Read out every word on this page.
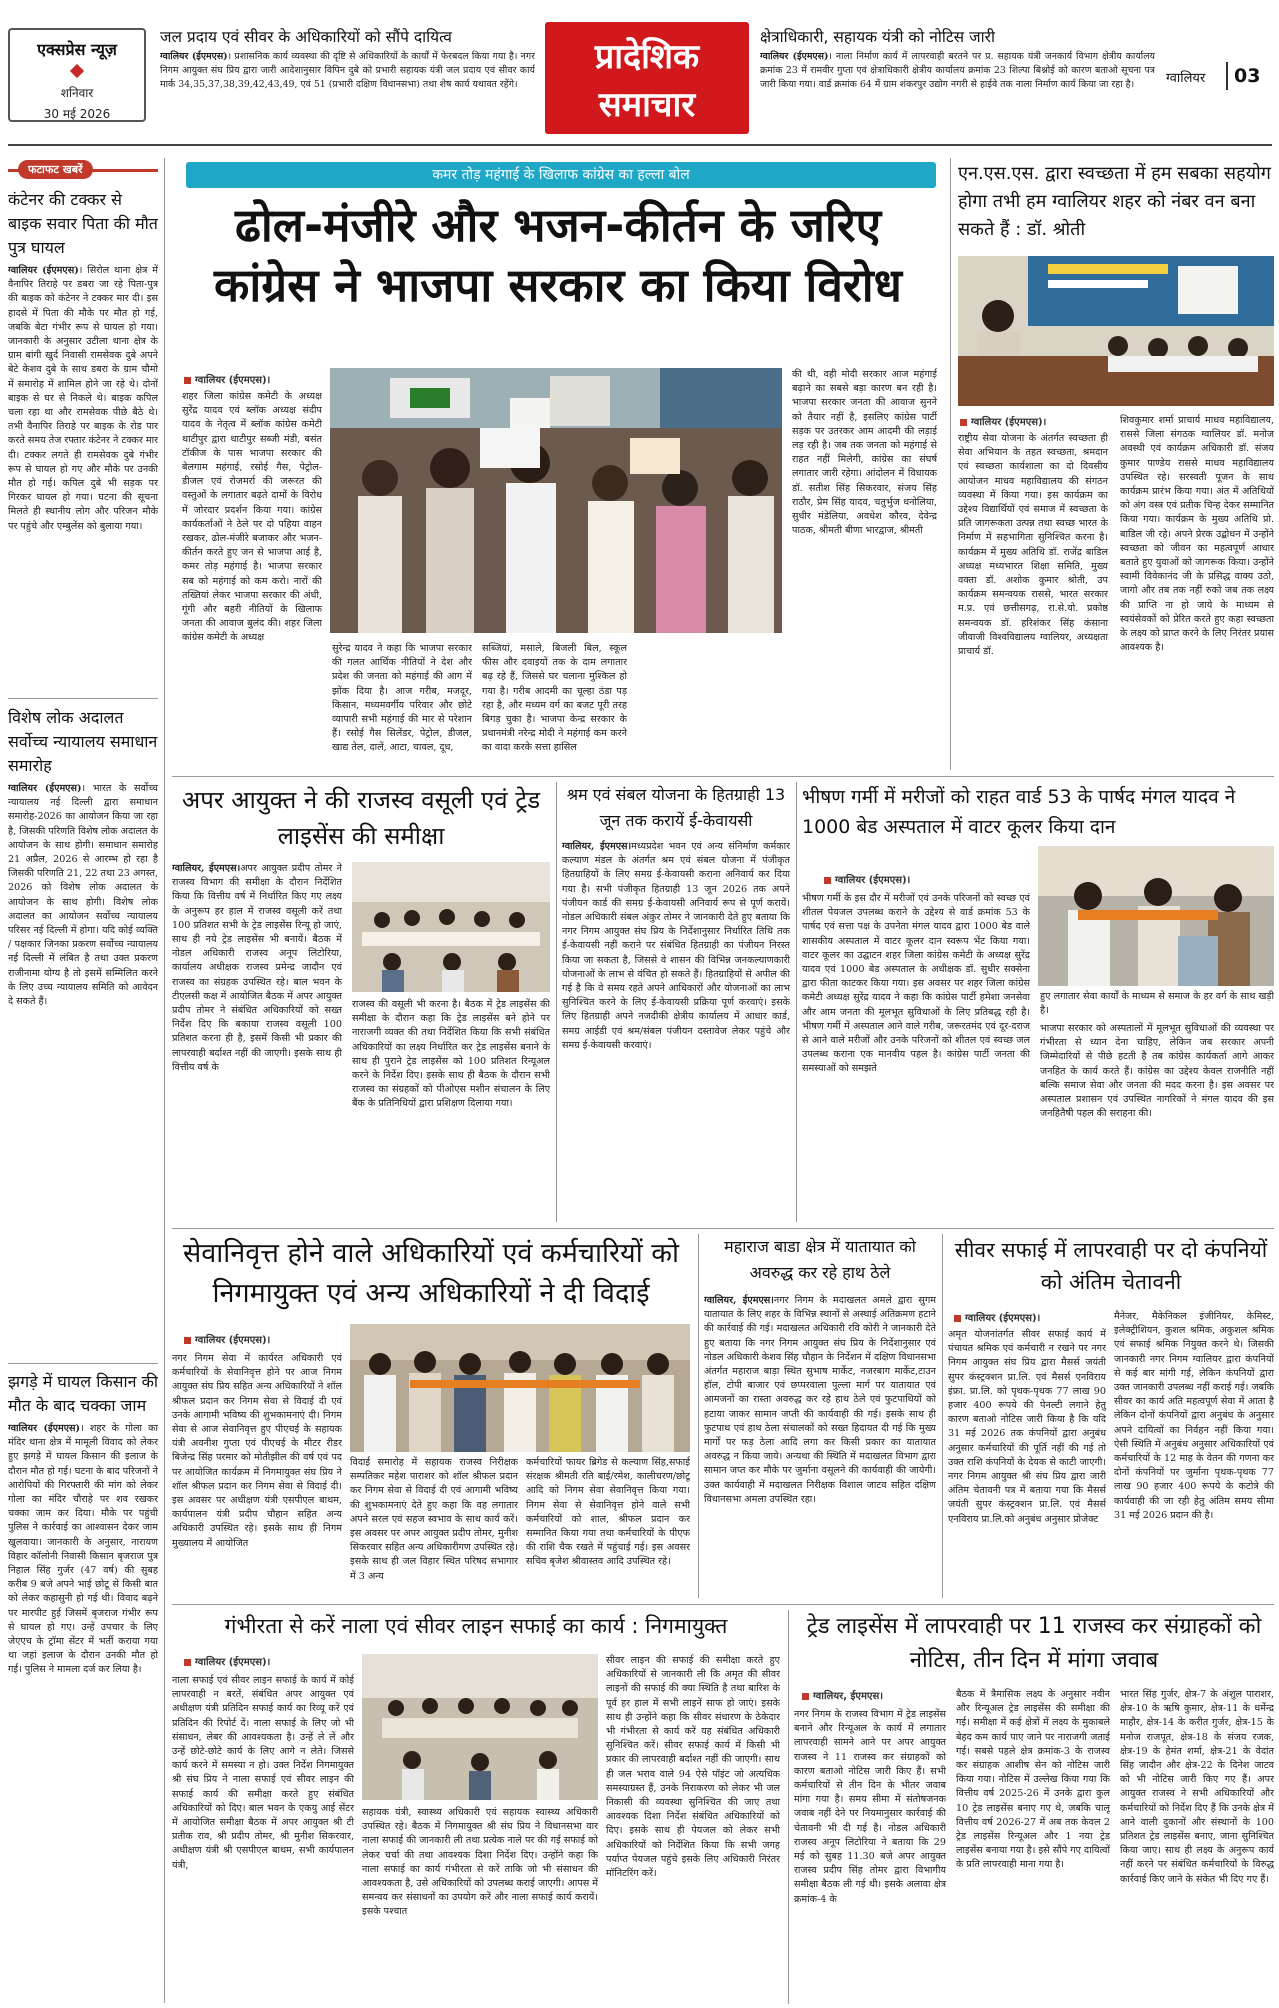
एक्सप्रेस न्यूज़
शनिवार
30 मई 2026
जल प्रदाय एवं सीवर के अधिकारियों को सौंपे दायित्व
ग्वालियर (ईएमएस)। प्रशासनिक कार्य व्यवस्था की दृष्टि से अधिकारियों के कार्यों में फेरबदल किया गया है। नगर निगम आयुक्त संघ प्रिय द्वारा जारी आदेशानुसार विपिन दुबे को प्रभारी सहायक यंत्री जल प्रदाय एवं सीवर कार्य मार्क 34,35,37,38,39,42,43,49, एवं 51 (प्रभारी दक्षिण विधानसभा) तथा शेष कार्य यथावत रहेंगे।
प्रादेशिक
समाचार
क्षेत्राधिकारी, सहायक यंत्री को नोटिस जारी
ग्वालियर (ईएमएस)। नाला निर्माण कार्य में लापरवाही बरतने पर प्र. सहायक यंत्री जनकार्य विभाग क्षेत्रीय कार्यालय क्रमांक 23 में रामवीर गुप्ता एवं क्षेत्राधिकारी क्षेत्रीय कार्यालय क्रमांक 23 शिल्पा बिश्नोई को कारण बताओ सूचना पत्र जारी किया गया। वार्ड क्रमांक 64 में ग्राम शंकरपुर उद्योग नगरी से हाईवे तक नाला निर्माण कार्य किया जा रहा है।	ग्वालियर 03
फटाफट खबरें
कंटेनर की टक्कर से बाइक सवार पिता की मौत पुत्र घायल
ग्वालियर (ईएमएस)। सिरोल थाना क्षेत्र में वैनापिर तिराहे पर डबरा जा रहे पिता-पुत्र की बाइक को कंटेनर ने टक्कर मार दी। इस हादसे में पिता की मौके पर मौत हो गई, जबकि बेटा गंभीर रूप से घायल हो गया। जानकारी के अनुसार उटीला थाना क्षेत्र के ग्राम बांगी खुर्द निवासी रामसेवक दुबे अपने बेटे केशव दुबे के साथ डबरा के ग्राम चौमो में समारोह में शामिल होने जा रहे थे। दोनों बाइक से घर से निकले थे। बाइक कपिल चला रहा था और रामसेवक पीछे बैठे थे। तभी वैनापिर तिराहे पर बाइक के रोड पार करते समय तेज रफ्तार कंटेनर ने टक्कर मार दी। टक्कर लगते ही रामसेवक दुबे गंभीर रूप से घायल हो गए और मौके पर उनकी मौत हो गई। कपिल दुबे भी सड़क पर गिरकर घायल हो गया। घटना की सूचना मिलते ही स्थानीय लोग और परिजन मौके पर पहुंचे और एम्बुलेंस को बुलाया गया।
विशेष लोक अदालत सर्वोच्च न्यायालय समाधान समारोह
ग्वालियर (ईएमएस)। भारत के सर्वोच्च न्यायालय नई दिल्ली द्वारा समाधान समारोह-2026 का आयोजन किया जा रहा है, जिसकी परिणति विशेष लोक अदालत के आयोजन के साथ होगी। समाधान समारोह 21 अप्रैल, 2026 से आरम्भ हो रहा है जिसकी परिणति 21, 22 तथा 23 अगस्त, 2026 को विशेष लोक अदालत के आयोजन के साथ होगी। विशेष लोक अदालत का आयोजन सर्वोच्च न्यायालय परिसर नई दिल्ली में होगा। यदि कोई व्यक्ति / पक्षकार जिनका प्रकरण सर्वोच्च न्यायालय नई दिल्ली में लंबित है तथा उक्त प्रकरण राजीनामा योग्य है तो इसमें सम्मिलित करने के लिए उच्च न्यायालय समिति को आवेदन दे सकते हैं।
झगड़े में घायल किसान की मौत के बाद चक्का जाम
ग्वालियर (ईएमएस)। शहर के गोला का मंदिर थाना क्षेत्र में मामूली विवाद को लेकर हुए झगड़े में घायल किसान की इलाज के दौरान मौत हो गई। घटना के बाद परिजनों ने आरोपियों की गिरफ्तारी की मांग को लेकर गोला का मंदिर चौराहे पर शव रखकर चक्का जाम कर दिया। मौके पर पहुंची पुलिस ने कार्रवाई का आश्वासन देकर जाम खुलवाया। जानकारी के अनुसार, नारायण विहार कॉलोनी निवासी किसान बृजराज पुत्र निहाल सिंह गुर्जर (47 वर्ष) की सुबह करीब 9 बजे अपने भाई छोटू से किसी बात को लेकर कहासुनी हो गई थी। विवाद बढ़ने पर मारपीट हुई जिसमें बृजराज गंभीर रूप से घायल हो गए। उन्हें उपचार के लिए जेएएच के ट्रॉमा सेंटर में भर्ती कराया गया था जहां इलाज के दौरान उनकी मौत हो गई। पुलिस ने मामला दर्ज कर लिया है।
कमर तोड़ महंगाई के खिलाफ कांग्रेस का हल्ला बोल
ढोल-मंजीरे और भजन-कीर्तन के जरिए
कांग्रेस ने भाजपा सरकार का किया विरोध
ग्वालियर (ईएमएस)।
शहर जिला कांग्रेस कमेटी के अध्यक्ष सुरेंद्र यादव एवं ब्लॉक अध्यक्ष संदीप यादव के नेतृत्व में ब्लॉक कांग्रेस कमेटी थाटीपुर द्वारा थाटीपुर सब्जी मंडी, बसंत टॉकीज के पास भाजपा सरकार की बेलगाम महंगाई, रसोई गैस, पेट्रोल-डीजल एवं रोजमर्रा की जरूरत की वस्तुओं के लगातार बढ़ते दामों के विरोध में जोरदार प्रदर्शन किया गया। कांग्रेस कार्यकर्ताओं ने ठेले पर दो पहिया वाहन रखकर, ढोल-मंजीरे बजाकर और भजन-कीर्तन करते हुए जन से भाजपा आई है, कमर तोड़ महंगाई है। भाजपा सरकार सब को महंगाई को कम करो। नारों की तख्तियां लेकर भाजपा सरकार की अंधी, गूंगी और बहरी नीतियों के खिलाफ जनता की आवाज बुलंद की। शहर जिला कांग्रेस कमेटी के अध्यक्ष
सुरेन्द्र यादव ने कहा कि भाजपा सरकार की गलत आर्थिक नीतियों ने देश और प्रदेश की जनता को महंगाई की आग में झोंक दिया है। आज गरीब, मजदूर, किसान, मध्यमवर्गीय परिवार और छोटे व्यापारी सभी महंगाई की मार से परेशान हैं। रसोई गैस सिलेंडर, पेट्रोल, डीजल, खाद्य तेल, दालें, आटा, चावल, दूध,
सब्जियां, मसाले, बिजली बिल, स्कूल फीस और दवाइयों तक के दाम लगातार बढ़ रहे हैं, जिससे घर चलाना मुश्किल हो गया है। गरीब आदमी का चूल्हा ठंडा पड़ रहा है, और मध्यम वर्ग का बजट पूरी तरह बिगड़ चुका है। भाजपा केन्द्र सरकार के प्रधानमंत्री नरेन्द्र मोदी ने महंगाई कम करने का वादा करके सत्ता हासिल
की थी, वही मोदी सरकार आज महंगाई बढ़ाने का सबसे बड़ा कारण बन रही है। भाजपा सरकार जनता की आवाज सुनने को तैयार नहीं है, इसलिए कांग्रेस पार्टी सड़क पर उतरकर आम आदमी की लड़ाई लड़ रही है। जब तक जनता को महंगाई से राहत नहीं मिलेगी, कांग्रेस का संघर्ष लगातार जारी रहेगा। आंदोलन में विधायक डॉ. सतीश सिंह सिकरवार, संजय सिंह राठौर, प्रेम सिंह यादव, चतुर्भुज धनोलिया, सुधीर मंडेलिया, अवधेश कौरव, देवेन्द्र पाठक, श्रीमती बीणा भारद्वाज, श्रीमती
एन.एस.एस. द्वारा स्वच्छता में हम सबका सहयोग होगा तभी हम ग्वालियर शहर को नंबर वन बना सकते हैं : डॉ. श्रोती
ग्वालियर (ईएमएस)।
राष्ट्रीय सेवा योजना के अंतर्गत स्वच्छता ही सेवा अभियान के तहत स्वच्छता, श्रमदान एवं स्वच्छता कार्यशाला का दो दिवसीय आयोजन माधव महाविद्यालय की संगठन व्यवस्था में किया गया। इस कार्यक्रम का उद्देश्य विद्यार्थियों एवं समाज में स्वच्छता के प्रति जागरूकता उत्पन्न तथा स्वच्छ भारत के निर्माण में सहभागिता सुनिश्चित करना है। कार्यक्रम में मुख्य अतिथि डॉ. राजेंद्र बाडिल अध्यक्ष मध्यभारत शिक्षा समिति, मुख्य वक्ता डॉ. अशोक कुमार श्रोती, उप कार्यक्रम समन्वयक राससे, भारत सरकार म.प्र. एवं छत्तीसगढ़, रा.से.यो. प्रकोष्ठ समन्वयक डॉ. हरिशंकर सिंह कंसाना जीवाजी विश्वविद्यालय ग्वालियर, अध्यक्षता प्राचार्य डॉ.
शिवकुमार शर्मा प्राचार्य माधव महाविद्यालय, राससे जिला संगठक ग्वालियर डॉ. मनोज अवस्थी एवं कार्यक्रम अधिकारी डॉ. संजय कुमार पाण्डेय राससे माधव महाविद्यालय उपस्थित रहे। सरस्वती पूजन के साथ कार्यक्रम प्रारंभ किया गया। अंत में अतिथियों को अंग वस्त्र एवं प्रतीक चिन्ह देकर सम्मानित किया गया। कार्यक्रम के मुख्य अतिथि प्रो. बाडिल जी रहे। अपने प्रेरक उद्बोधन में उन्होंने स्वच्छता को जीवन का महत्वपूर्ण आधार बताते हुए युवाओं को जागरूक किया। उन्होंने स्वामी विवेकानंद जी के प्रसिद्ध वाक्य उठो, जागो और तब तक नहीं रुको जब तक लक्ष्य की प्राप्ति ना हो जाये के माध्यम से स्वयंसेवकों को प्रेरित करते हुए कहा स्वच्छता के लक्ष्य को प्राप्त करने के लिए निरंतर प्रयास आवश्यक है।
अपर आयुक्त ने की राजस्व वसूली एवं ट्रेड लाइसेंस की समीक्षा
ग्वालियर, ईएमएस।अपर आयुक्त प्रदीप तोमर ने राजस्व विभाग की समीक्षा के दौरान निर्देशित किया कि वित्तीय वर्ष में निर्धारित किए गए लक्ष्य के अनुरूप हर हाल में राजस्व वसूली करें तथा 100 प्रतिशत सभी के ट्रेड लाइसेंस रिन्यू हो जाएं, साथ ही नये ट्रेड लाइसेंस भी बनायें। बैठक में नोडल अधिकारी राजस्व अनूप लिटोरिया, कार्यालय अधीक्षक राजस्व प्रमेन्द्र जादौन एवं राजस्व का संग्रहक उपस्थित रहे। बाल भवन के टीएलसी कक्ष में आयोजित बैठक में अपर आयुक्त प्रदीप तोमर ने संबंधित अधिकारियों को सख्त निर्देश दिए कि बकाया राजस्व वसूली 100 प्रतिशत करना ही है, इसमें किसी भी प्रकार की लापरवाही बर्दाश्त नहीं की जाएगी। इसके साथ ही वित्तीय वर्ष के
राजस्व की वसूली भी करना है। बैठक में ट्रेड लाइसेंस की समीक्षा के दौरान कहा कि ट्रेड लाइसेंस बने होने पर नाराजगी व्यक्त की तथा निर्देशित किया कि सभी संबंधित अधिकारियों का लक्ष्य निर्धारित कर ट्रेड लाइसेंस बनाने के साथ ही पुराने ट्रेड लाइसेंस को 100 प्रतिशत रिन्यूअल करने के निर्देश दिए। इसके साथ ही बैठक के दौरान सभी राजस्व का संग्रहकों को पीओएस मशीन संचालन के लिए बैंक के प्रतिनिधियों द्वारा प्रशिक्षण दिलाया गया।
श्रम एवं संबल योजना के हितग्राही 13 जून तक करायें ई-केवायसी
ग्वालियर, ईएमएस।मध्यप्रदेश भवन एवं अन्य संनिर्माण कर्मकार कल्याण मंडल के अंतर्गत श्रम एवं संबल योजना में पंजीकृत हितग्राहियों के लिए समग्र ई-केवायसी कराना अनिवार्य कर दिया गया है। सभी पंजीकृत हितग्राही 13 जून 2026 तक अपने पंजीयन कार्ड की समग्र ई-केवायसी अनिवार्य रूप से पूर्ण करायें। नोडल अधिकारी संबल अंकुर तोमर ने जानकारी देते हुए बताया कि नगर निगम आयुक्त संघ प्रिय के निर्देशानुसार निर्धारित तिथि तक ई-केवायसी नहीं कराने पर संबंधित हितग्राही का पंजीयन निरस्त किया जा सकता है, जिससे वे शासन की विभिन्न जनकल्याणकारी योजनाओं के लाभ से वंचित हो सकते हैं। हितग्राहियों से अपील की गई है कि वे समय रहते अपने आधिकारों और योजनाओं का लाभ सुनिश्चित करने के लिए ई-केवायसी प्रक्रिया पूर्ण करवाएं। इसके लिए हितग्राही अपने नजदीकी क्षेत्रीय कार्यालय में आधार कार्ड, समग्र आईडी एवं श्रम/संबल पंजीयन दस्तावेज लेकर पहुंचे और समग्र ई-केवायसी करवाएं।
भीषण गर्मी में मरीजों को राहत वार्ड 53 के पार्षद मंगल यादव ने 1000 बेड अस्पताल में वाटर कूलर किया दान
ग्वालियर (ईएमएस)।
भीषण गर्मी के इस दौर में मरीजों एवं उनके परिजनों को स्वच्छ एवं शीतल पेयजल उपलब्ध कराने के उद्देश्य से वार्ड क्रमांक 53 के पार्षद एवं सत्ता पक्ष के उपनेता मंगल यादव द्वारा 1000 बेड वाले शासकीय अस्पताल में वाटर कूलर दान स्वरूप भेंट किया गया। वाटर कूलर का उद्घाटन शहर जिला कांग्रेस कमेटी के अध्यक्ष सुरेंद्र यादव एवं 1000 बेड अस्पताल के अधीक्षक डॉ. सुधीर सक्सेना द्वारा फीता काटकर किया गया। इस अवसर पर शहर जिला कांग्रेस कमेटी अध्यक्ष सुरेंद्र यादव ने कहा कि कांग्रेस पार्टी हमेशा जनसेवा और आम जनता की मूलभूत सुविधाओं के लिए प्रतिबद्ध रही है। भीषण गर्मी में अस्पताल आने वाले गरीब, जरूरतमंद एवं दूर-दराज से आने वाले मरीजों और उनके परिजनों को शीतल एवं स्वच्छ जल उपलब्ध कराना एक मानवीय पहल है। कांग्रेस पार्टी जनता की समस्याओं को समझते
हुए लगातार सेवा कार्यों के माध्यम से समाज के हर वर्ग के साथ खड़ी है।
भाजपा सरकार को अस्पतालों में मूलभूत सुविधाओं की व्यवस्था पर गंभीरता से ध्यान देना चाहिए, लेकिन जब सरकार अपनी जिम्मेदारियों से पीछे हटती है तब कांग्रेस कार्यकर्ता आगे आकर जनहित के कार्य करते हैं। कांग्रेस का उद्देश्य केवल राजनीति नहीं बल्कि समाज सेवा और जनता की मदद करना है। इस अवसर पर अस्पताल प्रशासन एवं उपस्थित नागरिकों ने मंगल यादव की इस जनहितैषी पहल की सराहना की।
सेवानिवृत्त होने वाले अधिकारियों एवं कर्मचारियों को निगमायुक्त एवं अन्य अधिकारियों ने दी विदाई
ग्वालियर (ईएमएस)।
नगर निगम सेवा में कार्यरत अधिकारी एवं कर्मचारियों के सेवानिवृत्त होने पर आज निगम आयुक्त संघ प्रिय सहित अन्य अधिकारियों ने शॉल श्रीफल प्रदान कर निगम सेवा से विदाई दी एवं उनके आगामी भविष्य की शुभकामनाएं दी। निगम सेवा से आज सेवानिवृत्त हुए पीएचई के सहायक यंत्री अवनीश गुप्ता एवं पीएचई के मीटर रीडर बिजेन्द्र सिंह परमार को मोतीझील की वर्ष एवं पद पर आयोजित कार्यक्रम में निगमायुक्त संघ प्रिय ने शॉल श्रीफल प्रदान कर निगम सेवा से विदाई दी। इस अवसर पर अधीक्षण यंत्री एसपीएल बाथम, कार्यपालन यंत्री प्रदीप चौहान सहित अन्य अधिकारी उपस्थित रहे। इसके साथ ही निगम मुख्यालय में आयोजित
विदाई समारोह में सहायक राजस्व निरीक्षक सम्पतिकर महेश पाराशर को शॉल श्रीफल प्रदान कर निगम सेवा से विदाई दी एवं आगामी भविष्य की शुभकामनाएं देते हुए कहा कि वह लगातार अपने सरल एवं सहज स्वभाव के साथ कार्य करें। इस अवसर पर अपर आयुक्त प्रदीप तोमर, मुनीश सिकरवार सहित अन्य अधिकारीगण उपस्थित रहे। इसके साथ ही जल विहार स्थित परिषद सभागार में 3 अन्य
कर्मचारियों फायर ब्रिगेड से कल्याण सिंह,सफाई संरक्षक श्रीमती रति बाई/रमेश, कालीचरण/छोटू आदि को निगम सेवा सेवानिवृत्त किया गया। निगम सेवा से सेवानिवृत्त होने वाले सभी कर्मचारियों को शाल, श्रीफल प्रदान कर सम्मानित किया गया तथा कर्मचारियों के पीएफ की राशि चैक रखते में पहुंचाई गई। इस अवसर सचिव बृजेश श्रीवास्तव आदि उपस्थित रहे।
महाराज बाडा क्षेत्र में यातायात को अवरुद्ध कर रहे हाथ ठेले
ग्वालियर, ईएमएस।नगर निगम के मदाखलत अमले द्वारा सुगम यातायात के लिए शहर के विभिन्न स्थानों से अस्थाई अतिक्रमण हटाने की कार्रवाई की गई। मदाखलत अधिकारी रवि कोरी ने जानकारी देते हुए बताया कि नगर निगम आयुक्त संघ प्रिय के निर्देशानुसार एवं नोडल अधिकारी केशव सिंह चौहान के निर्देशन में दक्षिण विधानसभा अंतर्गत महाराज बाड़ा स्थित सुभाष मार्केट, नजरबाग मार्केट,टाउन हॉल, टोपी बाजार एवं छप्परवाला पुल्ला मार्ग पर यातायात एवं आमजनों का रास्ता अवरुद्ध कर रहे हाथ ठेले एवं फुटपाथियों को हटाया जाकर सामान जप्ती की कार्यवाही की गई। इसके साथ ही फुटपाथ एवं हाथ ठेला संचालकों को सख्त हिदायत दी गई कि मुख्य मार्गों पर फड़ ठेला आदि लगा कर किसी प्रकार का यातायात अवरुद्ध न किया जाये। अन्यथा की स्थिति में मदाखलत विभाग द्वारा सामान जप्त कर मौके पर जुर्माना वसूलने की कार्यवाही की जायेगी। उक्त कार्यवाही में मदाखलत निरीक्षक विशाल जाटव सहित दक्षिण विधानसभा अमला उपस्थित रहा।
सीवर सफाई में लापरवाही पर दो कंपनियों को अंतिम चेतावनी
ग्वालियर (ईएमएस)।
अमृत योजनांतर्गत सीवर सफाई कार्य में पंचायत श्रमिक एवं कर्मचारी न रखने पर नगर निगम आयुक्त संघ प्रिय द्वारा मैसर्स जयंती सुपर कंस्ट्रक्शन प्रा.लि. एवं मैसर्स एनविराय इंफ्रा. प्रा.लि. को पृथक-पृथक 77 लाख 90 हजार 400 रूपये की पेनल्टी लगाने हेतु कारण बताओ नोटिस जारी किया है कि यदि 31 मई 2026 तक कंपनियों द्वारा अनुबंध अनुसार कर्मचारियों की पूर्ति नहीं की गई तो उक्त राशि कंपनियों के देयक से काटी जाएगी। नगर निगम आयुक्त श्री संघ प्रिय द्वारा जारी अंतिम चेतावनी पत्र में बताया गया कि मैसर्स जयंती सुपर कंस्ट्रक्शन प्रा.लि. एवं मैसर्स एनविराय प्रा.लि.को अनुबंध अनुसार प्रोजेक्ट
मैनेजर, मैकेनिकल इंजीनियर, केमिस्ट, इलेक्ट्रीशियन, कुशल श्रमिक, अकुशल श्रमिक एवं सफाई श्रमिक नियुक्त करने थे। जिसकी जानकारी नगर निगम ग्वालियर द्वारा कंपनियों से कई बार मांगी गई, लेकिन कंपनियों द्वारा उक्त जानकारी उपलब्ध नहीं कराई गई। जबकि सीवर का कार्य अति महत्वपूर्ण सेवा में आता है लेकिन दोनों कंपनियों द्वारा अनुबंध के अनुसार अपने दायित्वों का निर्वहन नहीं किया गया। ऐसी स्थिति में अनुबंध अनुसार अधिकारियों एवं कर्मचारियों के 12 माह के वेतन की गणना कर दोनों कंपनियों पर जुर्माना पृथक-पृथक 77 लाख 90 हजार 400 रूपये के कटोत्रे की कार्यवाही की जा रही हेतु अंतिम समय सीमा 31 मई 2026 प्रदान की है।
गंभीरता से करें नाला एवं सीवर लाइन सफाई का कार्य : निगमायुक्त
ग्वालियर (ईएमएस)।
नाला सफाई एवं सीवर लाइन सफाई के कार्य में कोई लापरवाही न बरतें, संबंधित अपर आयुक्त एवं अधीक्षण यंत्री प्रतिदिन सफाई कार्य का रिव्यू करें एवं प्रतिदिन की रिपोर्ट दें। नाला सफाई के लिए जो भी संसाधन, लेबर की आवश्यकता है। उन्हें ले लें और उन्हें छोटे-छोटे कार्य के लिए आगे न लेते। जिससे कार्य करने में समस्या न हो। उक्त निर्देश निगमायुक्त श्री संघ प्रिय ने नाला सफाई एवं सीवर लाइन की सफाई कार्य की समीक्षा करते हुए संबंधित अधिकारियों को दिए। बाल भवन के एकयु आई सेंटर में आयोजित समीक्षा बैठक में अपर आयुक्त श्री टी प्रतीक राव, श्री प्रदीप तोमर, श्री मुनीश सिकरवार, अधीक्षण यंत्री श्री एसपीएल बाथम, सभी कार्यपालन यंत्री,
सहायक यंत्री, स्वास्थ्य अधिकारी एवं सहायक स्वास्थ्य अधिकारी उपस्थित रहे। बैठक में निगमायुक्त श्री संघ प्रिय ने विधानसभा वार नाला सफाई की जानकारी ली तथा प्रत्येक नाले पर की गई सफाई को लेकर चर्चा की तथा आवश्यक दिशा निर्देश दिए। उन्होंने कहा कि नाला सफाई का कार्य गंभीरता से करें ताकि जो भी संसाधन की आवश्यकता है, उसे अधिकारियों को उपलब्ध कराई जाएगी। आपस में समन्वय कर संसाधनों का उपयोग करें और नाला सफाई कार्य करायें। इसके पश्चात
सीवर लाइन की सफाई की समीक्षा करते हुए अधिकारियों से जानकारी ली कि अमृत की सीवर लाइनों की सफाई की क्या स्थिति है तथा बारिश के पूर्व हर हाल में सभी लाइनें साफ हो जाएं। इसके साथ ही उन्होंने कहा कि सीवर संधारण के ठेकेदार भी गंभीरता से कार्य करें यह संबंधित अधिकारी सुनिश्चित करें। सीवर सफाई कार्य में किसी भी प्रकार की लापरवाही बर्दाश्त नहीं की जाएगी। साथ ही जल भराव वाले 94 ऐसे पॉइंट जो अत्यधिक समस्याग्रस्त हैं, उनके निराकरण को लेकर भी जल निकासी की व्यवस्था सुनिश्चित की जाए तथा आवश्यक दिशा निर्देश संबंधित अधिकारियों को दिए। इसके साथ ही पेयजल को लेकर सभी अधिकारियों को निर्देशित किया कि सभी जगह पर्याप्त पेयजल पहुंचे इसके लिए अधिकारी निरंतर मॉनिटरिंग करें।
ट्रेड लाइसेंस में लापरवाही पर 11 राजस्व कर संग्राहकों को नोटिस, तीन दिन में मांगा जवाब
ग्वालियर, ईएमएस।
नगर निगम के राजस्व विभाग में ट्रेड लाइसेंस बनाने और रिन्यूअल के कार्य में लगातार लापरवाही सामने आने पर अपर आयुक्त राजस्व ने 11 राजस्व कर संग्राहकों को कारण बताओ नोटिस जारी किए हैं। सभी कर्मचारियों से तीन दिन के भीतर जवाब मांगा गया है। समय सीमा में संतोषजनक जवाब नहीं देने पर नियमानुसार कार्रवाई की चेतावनी भी दी गई है। नोडल अधिकारी राजस्व अनूप लिटोरिया ने बताया कि 29 मई को सुबह 11.30 बजे अपर आयुक्त राजस्व प्रदीप सिंह तोमर द्वारा विभागीय समीक्षा बैठक ली गई थी। इसके अलावा क्षेत्र क्रमांक-4 के
बैठक में त्रैमासिक लक्ष्य के अनुसार नवीन और रिन्यूअल ट्रेड लाइसेंस की समीक्षा की गई। समीक्षा में कई क्षेत्रों में लक्ष्य के मुकाबले बेहद कम कार्य पाए जाने पर नाराजगी जताई गई। सबसे पहले क्षेत्र क्रमांक-3 के राजस्व कर संग्राहक आशीष सेन को नोटिस जारी किया गया। नोटिस में उल्लेख किया गया कि वित्तीय वर्ष 2025-26 में उनके द्वारा कुल 10 ट्रेड लाइसेंस बनाए गए थे, जबकि चालू वित्तीय वर्ष 2026-27 में अब तक केवल 2 ट्रेड लाइसेंस रिन्यूअल और 1 नया ट्रेड लाइसेंस बनाया गया है। इसे सौंपे गए दायित्वों के प्रति लापरवाही माना गया है।
भारत सिंह गुर्जर, क्षेत्र-7 के अंशुल पाराशर, क्षेत्र-10 के ऋषि कुमार, क्षेत्र-11 के धर्मेन्द्र माहौर, क्षेत्र-14 के करीत गुर्जर, क्षेत्र-15 के मनोज राजपूत, क्षेत्र-18 के संजय रजक, क्षेत्र-19 के हेमंत शर्मा, क्षेत्र-21 के वेदांत सिंह जादौन और क्षेत्र-22 के दिनेश जाटव को भी नोटिस जारी किए गए हैं। अपर आयुक्त राजस्व ने सभी अधिकारियों और कर्मचारियों को निर्देश दिए हैं कि उनके क्षेत्र में आने वाली दुकानों और संस्थानों के 100 प्रतिशत ट्रेड लाइसेंस बनाए, जाना सुनिश्चित किया जाए। साथ ही लक्ष्य के अनुरूप कार्य नहीं करने पर संबंधित कर्मचारियों के विरुद्ध कार्रवाई किए जाने के संकेत भी दिए गए हैं।
